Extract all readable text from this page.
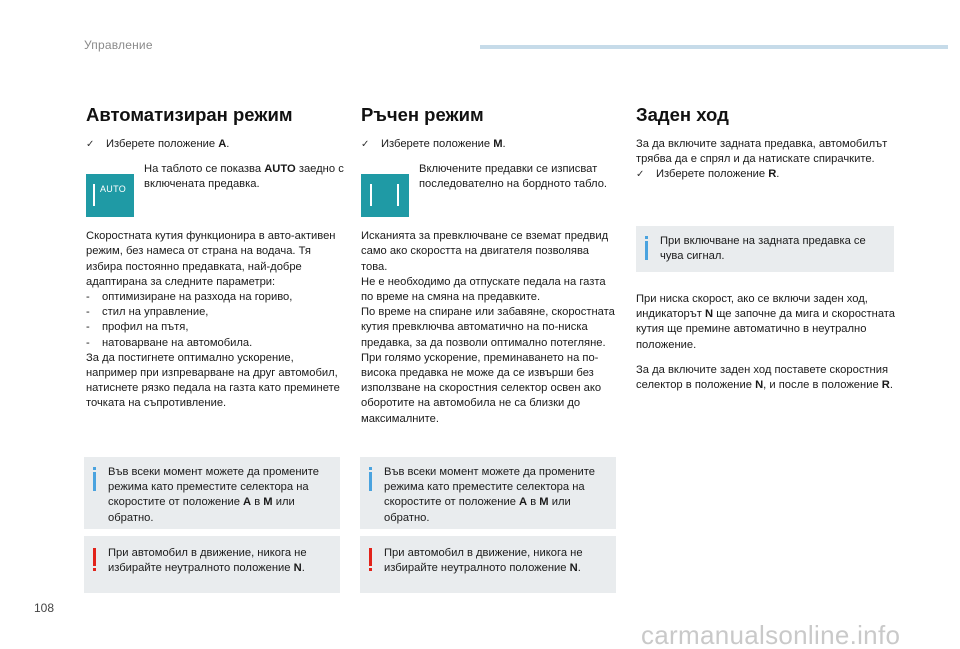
Управление
Автоматизиран режим
✓ Изберете положение A.
AUTO
На таблото се показва AUTO заедно с включената предавка.

Скоростната кутия функционира в авто-активен режим, без намеса от страна на водача. Тя избира постоянно предавката, най-добре адаптирана за следните параметри:

-	оптимизиране на разхода на гориво,
-	стил на управление,
-	профил на пътя,
-	натоварване на автомобила.

За да постигнете оптимално ускорение, например при изпреварване на друг автомобил, натиснете рязко педала на газта като преминете точката на съпротивление.

Във всеки момент можете да промените режима като преместите селектора на скоростите от положение A в M или обратно.
При автомобил в движение, никога не избирайте неутралното положение N.
Ръчен режим
✓ Изберете положение M.
Включените предавки се изписват последователно на бордното табло.

Исканията за превключване се вземат предвид само ако скоростта на двигателя позволява това.

Не е необходимо да отпускате педала на газта по време на смяна на предавките.

По време на спиране или забавяне, скоростната кутия превключва автоматично на по-ниска предавка, за да позволи оптимално потегляне.

При голямо ускорение, преминаването на по-висока предавка не може да се извърши без използване на скоростния селектор освен ако оборотите на автомобила не са близки до максималните.

Във всеки момент можете да промените режима като преместите селектора на скоростите от положение A в M или обратно.
При автомобил в движение, никога не избирайте неутралното положение N.
Заден ход

За да включите задната предавка, автомобилът трябва да е спрял и да натискате спирачките.

✓ Изберете положение R.
При включване на задната предавка се чува сигнал.

При ниска скорост, ако се включи заден ход, индикаторът N ще започне да мига и скоростната кутия ще премине автоматично в неутрално положение.

За да включите заден ход поставете скоростния селектор в положение N, и после в положение R.

108
carmanualsonline.info
